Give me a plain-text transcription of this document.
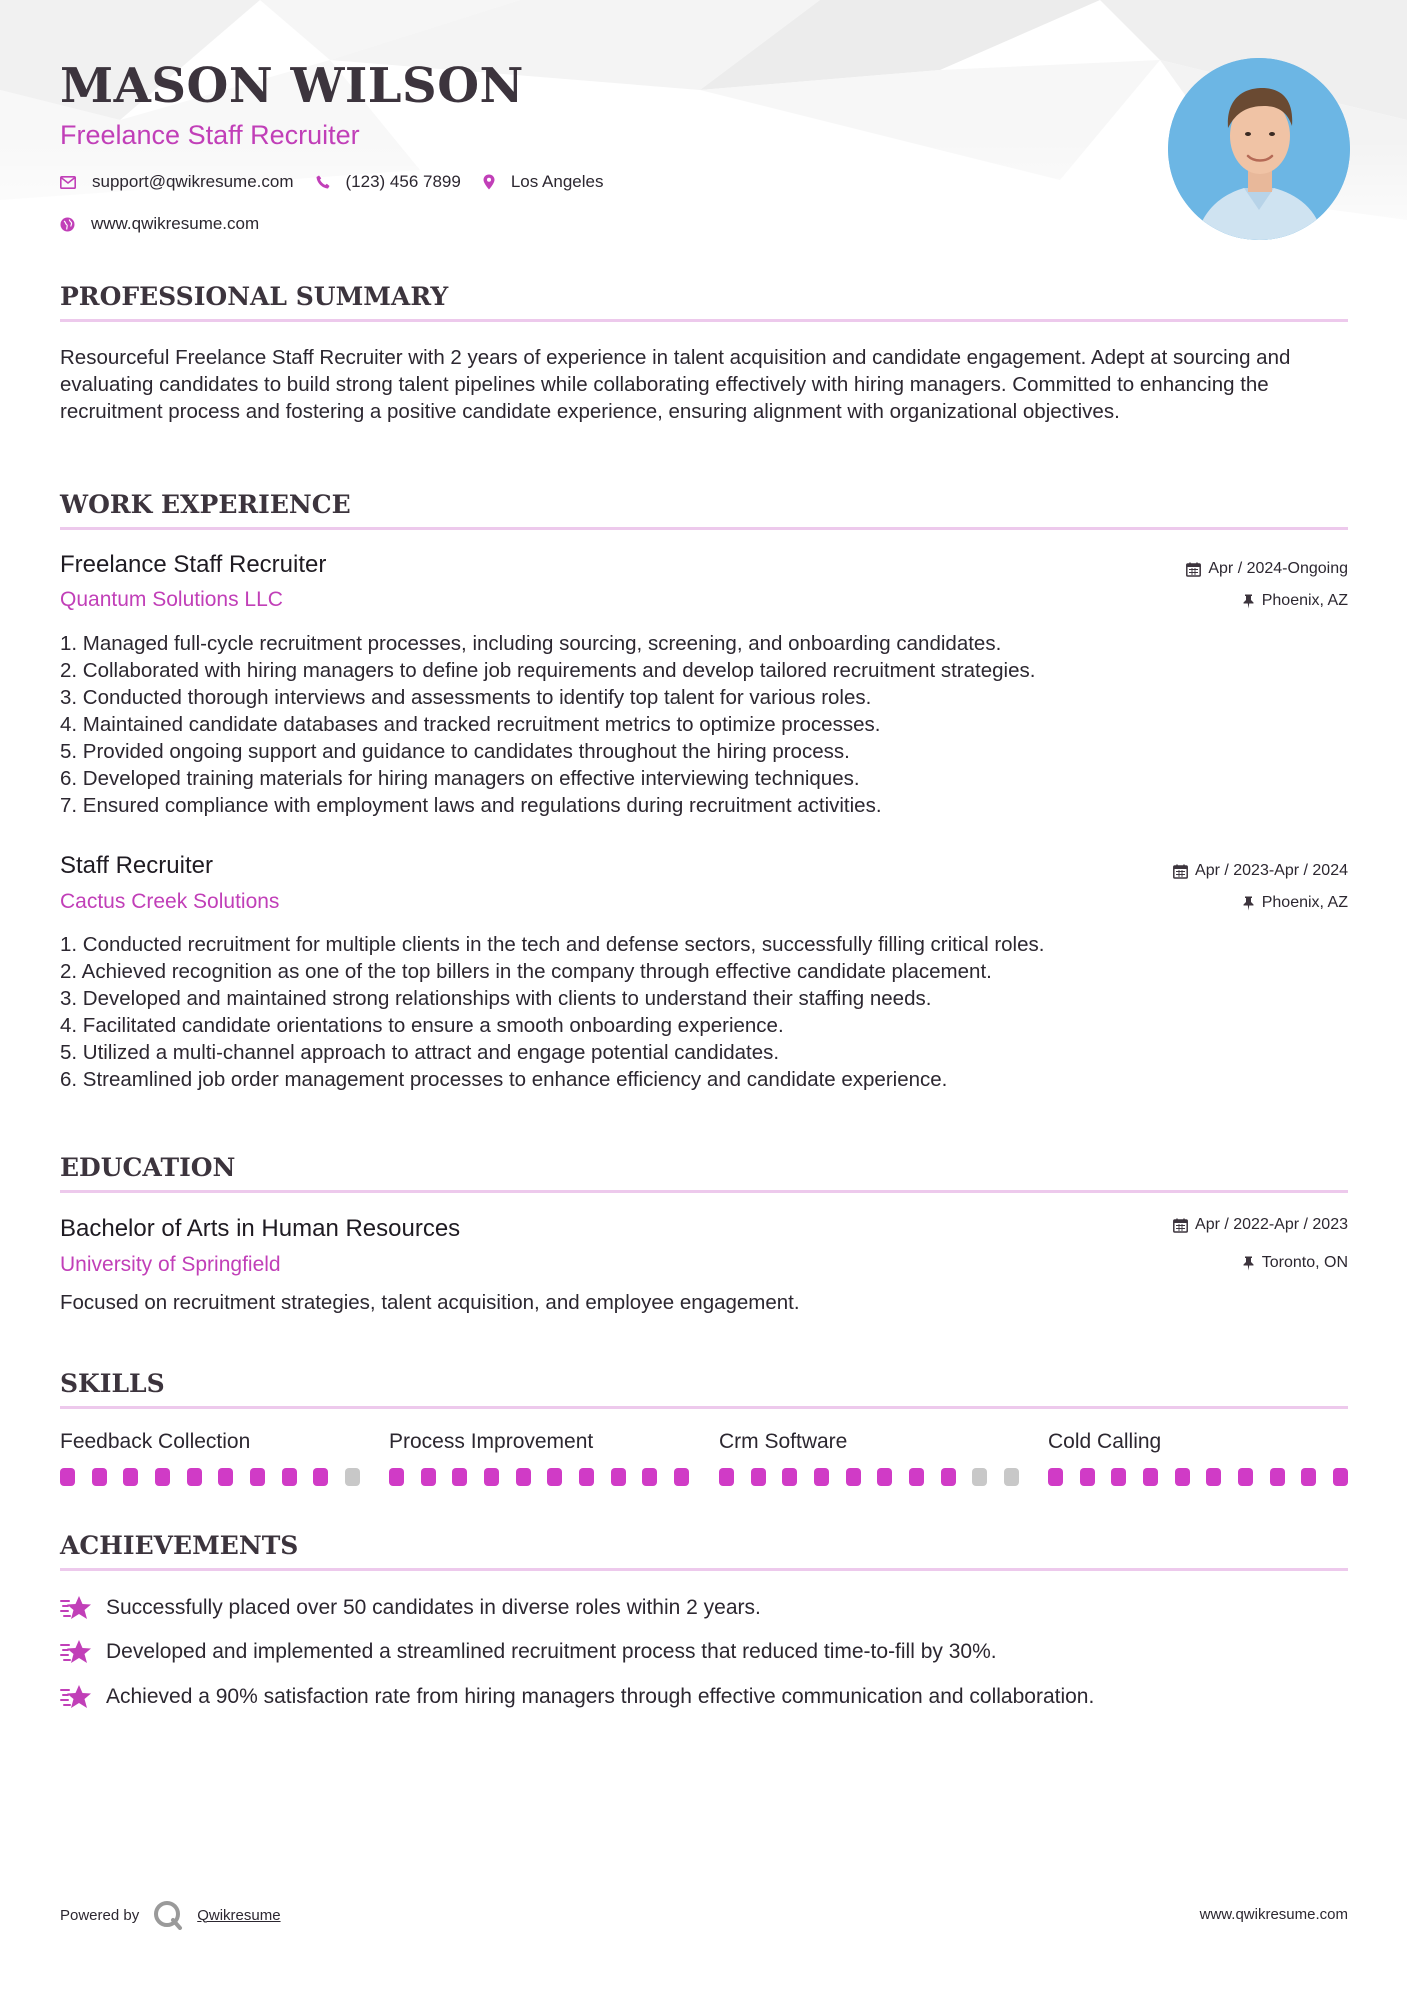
MASON WILSON
Freelance Staff Recruiter
support@qwikresume.com	(123) 456 7899	Los Angeles
www.qwikresume.com
PROFESSIONAL SUMMARY
Resourceful Freelance Staff Recruiter with 2 years of experience in talent acquisition and candidate engagement. Adept at sourcing and evaluating candidates to build strong talent pipelines while collaborating effectively with hiring managers. Committed to enhancing the recruitment process and fostering a positive candidate experience, ensuring alignment with organizational objectives.
WORK EXPERIENCE
Freelance Staff Recruiter	Apr / 2024-Ongoing
Quantum Solutions LLC	Phoenix, AZ
1. Managed full-cycle recruitment processes, including sourcing, screening, and onboarding candidates.
2. Collaborated with hiring managers to define job requirements and develop tailored recruitment strategies.
3. Conducted thorough interviews and assessments to identify top talent for various roles.
4. Maintained candidate databases and tracked recruitment metrics to optimize processes.
5. Provided ongoing support and guidance to candidates throughout the hiring process.
6. Developed training materials for hiring managers on effective interviewing techniques.
7. Ensured compliance with employment laws and regulations during recruitment activities.
Staff Recruiter	Apr / 2023-Apr / 2024
Cactus Creek Solutions	Phoenix, AZ
1. Conducted recruitment for multiple clients in the tech and defense sectors, successfully filling critical roles.
2. Achieved recognition as one of the top billers in the company through effective candidate placement.
3. Developed and maintained strong relationships with clients to understand their staffing needs.
4. Facilitated candidate orientations to ensure a smooth onboarding experience.
5. Utilized a multi-channel approach to attract and engage potential candidates.
6. Streamlined job order management processes to enhance efficiency and candidate experience.
EDUCATION
Bachelor of Arts in Human Resources	Apr / 2022-Apr / 2023
University of Springfield	Toronto, ON
Focused on recruitment strategies, talent acquisition, and employee engagement.
SKILLS
Feedback Collection	Process Improvement	Crm Software	Cold Calling
ACHIEVEMENTS
Successfully placed over 50 candidates in diverse roles within 2 years.
Developed and implemented a streamlined recruitment process that reduced time-to-fill by 30%.
Achieved a 90% satisfaction rate from hiring managers through effective communication and collaboration.
Powered by	Qwikresume	www.qwikresume.com
